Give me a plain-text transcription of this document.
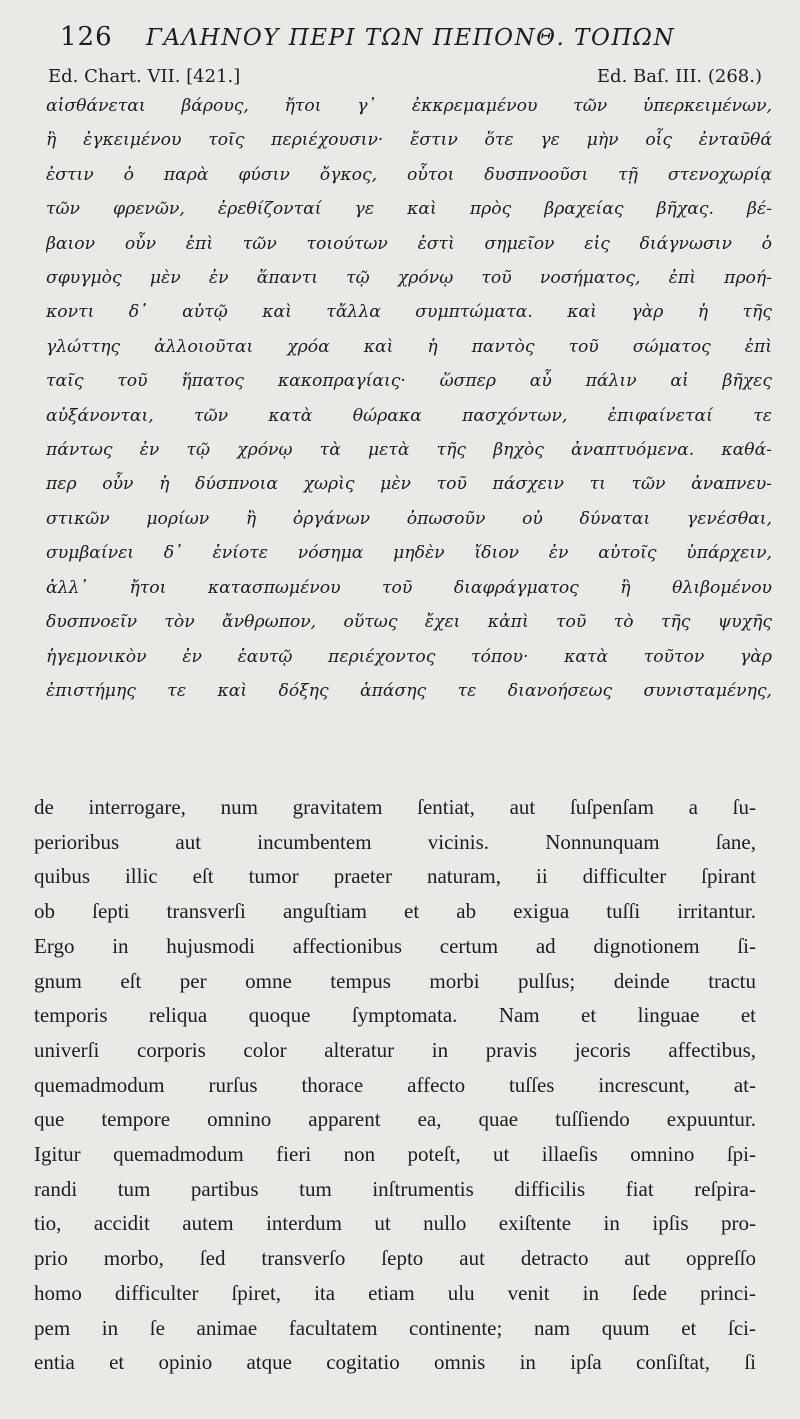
126	ΓΑΛΗΝΟΥ ΠΕΡΙ ΤΩΝ ΠΕΠΟΝΘ. ΤΟΠΩΝ
Ed. Chart. VII. [421.]	Ed. Baſ. III. (268.)
αἰσθάνεται βάρους, ἤτοι γ᾽ ἐκκρεμαμένου τῶν ὑπερκειμένων,
ἢ ἐγκειμένου τοῖς περιέχουσιν· ἔστιν ὅτε γε μὴν οἷς ἐνταῦθά
ἐστιν ὁ παρὰ φύσιν ὄγκος, οὗτοι δυσπνοοῦσι τῇ στενοχωρίᾳ
τῶν φρενῶν, ἐρεθίζονταί γε καὶ πρὸς βραχείας βῆχας. βέ-
βαιον οὖν ἐπὶ τῶν τοιούτων ἐστὶ σημεῖον εἰς διάγνωσιν ὁ
σφυγμὸς μὲν ἐν ἅπαντι τῷ χρόνῳ τοῦ νοσήματος, ἐπὶ προή-
κοντι δ᾽ αὐτῷ καὶ τἄλλα συμπτώματα. καὶ γὰρ ἡ τῆς
γλώττης ἀλλοιοῦται χρόα καὶ ἡ παντὸς τοῦ σώματος ἐπὶ
ταῖς τοῦ ἥπατος κακοπραγίαις· ὥσπερ αὖ πάλιν αἱ βῆχες
αὐξάνονται, τῶν κατὰ θώρακα πασχόντων, ἐπιφαίνεταί τε
πάντως ἐν τῷ χρόνῳ τὰ μετὰ τῆς βηχὸς ἀναπτυόμενα. καθά-
περ οὖν ἡ δύσπνοια χωρὶς μὲν τοῦ πάσχειν τι τῶν ἀναπνευ-
στικῶν μορίων ἢ ὀργάνων ὁπωσοῦν οὐ δύναται γενέσθαι,
συμβαίνει δ᾽ ἐνίοτε νόσημα μηδὲν ἴδιον ἐν αὐτοῖς ὑπάρχειν,
ἀλλ᾽ ἤτοι κατασπωμένου τοῦ διαφράγματος ἢ θλιβομένου
δυσπνοεῖν τὸν ἄνθρωπον, οὕτως ἔχει κἀπὶ τοῦ τὸ τῆς ψυχῆς
ἡγεμονικὸν ἐν ἑαυτῷ περιέχοντος τόπου· κατὰ τοῦτον γὰρ
ἐπιστήμης τε καὶ δόξης ἁπάσης τε διανοήσεως συνισταμένης,
de interrogare, num gravitatem ſentiat, aut ſuſpenſam a ſu-
perioribus aut incumbentem vicinis. Nonnunquam ſane,
quibus illic eſt tumor praeter naturam, ii difficulter ſpirant
ob ſepti transverſi anguſtiam et ab exigua tuſſi irritantur.
Ergo in hujusmodi affectionibus certum ad dignotionem ſi-
gnum eſt per omne tempus morbi pulſus; deinde tractu
temporis reliqua quoque ſymptomata. Nam et linguae et
univerſi corporis color alteratur in pravis jecoris affectibus,
quemadmodum rurſus thorace affecto tuſſes increscunt, at-
que tempore omnino apparent ea, quae tuſſiendo expuuntur.
Igitur quemadmodum fieri non poteſt, ut illaeſis omnino ſpi-
randi tum partibus tum inſtrumentis difficilis fiat reſpira-
tio, accidit autem interdum ut nullo exiſtente in ipſis pro-
prio morbo, ſed transverſo ſepto aut detracto aut oppreſſo
homo difficulter ſpiret, ita etiam ulu venit in ſede princi-
pem in ſe animae facultatem continente; nam quum et ſci-
entia et opinio atque cogitatio omnis in ipſa conſiſtat, ſi
